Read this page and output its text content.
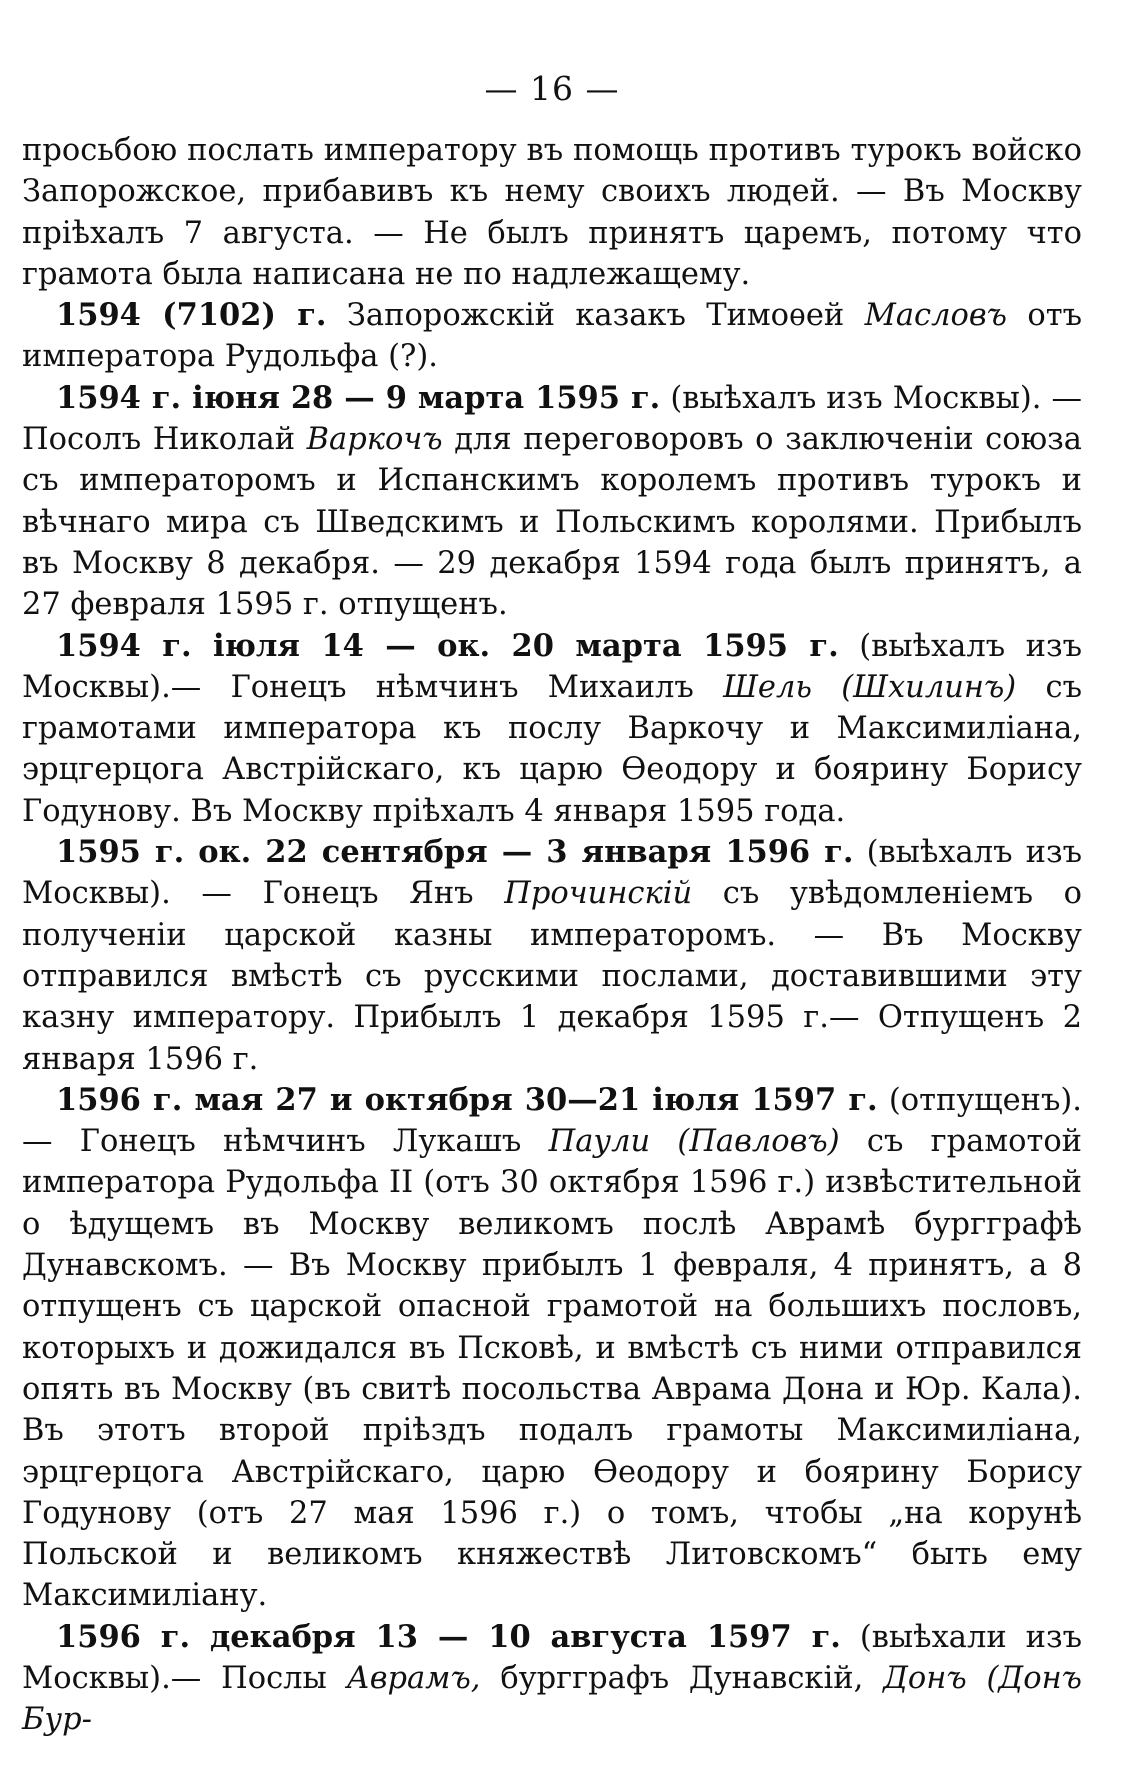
— 16 —

просьбою послать императору въ помощь противъ турокъ войско Запорожское, прибавивъ къ нему своихъ людей. — Въ Москву пріѣхалъ 7 августа. — Не былъ принятъ царемъ, потому что грамота была написана не по надлежащему.

1594 (7102) г. Запорожскій казакъ Тимоѳей Масловъ отъ императора Рудольфа (?).

1594 г. іюня 28 — 9 марта 1595 г. (выѣхалъ изъ Москвы). — Посолъ Николай Варкочъ для переговоровъ о заключеніи союза съ императоромъ и Испанскимъ королемъ противъ турокъ и вѣчнаго мира съ Шведскимъ и Польскимъ королями. Прибылъ въ Москву 8 декабря. — 29 декабря 1594 года былъ принятъ, а 27 февраля 1595 г. отпущенъ.

1594 г. іюля 14 — ок. 20 марта 1595 г. (выѣхалъ изъ Москвы).— Гонецъ нѣмчинъ Михаилъ Шель (Шхилинъ) съ грамотами императора къ послу Варкочу и Максимиліана, эрцгерцога Австрійскаго, къ царю Ѳеодору и боярину Борису Годунову. Въ Москву пріѣхалъ 4 января 1595 года.

1595 г. ок. 22 сентября — 3 января 1596 г. (выѣхалъ изъ Москвы). — Гонецъ Янъ Прочинскій съ увѣдомленіемъ о полученіи царской казны императоромъ. — Въ Москву отправился вмѣстѣ съ русскими послами, доставившими эту казну императору. Прибылъ 1 декабря 1595 г.— Отпущенъ 2 января 1596 г.

1596 г. мая 27 и октября 30—21 іюля 1597 г. (отпущенъ).— Гонецъ нѣмчинъ Лукашъ Паули (Павловъ) съ грамотой императора Рудольфа II (отъ 30 октября 1596 г.) извѣстительной о ѣдущемъ въ Москву великомъ послѣ Аврамѣ бургграфѣ Дунавскомъ. — Въ Москву прибылъ 1 февраля, 4 принятъ, а 8 отпущенъ съ царской опасной грамотой на большихъ пословъ, которыхъ и дожидался въ Псковѣ, и вмѣстѣ съ ними отправился опять въ Москву (въ свитѣ посольства Аврама Дона и Юр. Кала). Въ этотъ второй пріѣздъ подалъ грамоты Максимиліана, эрцгерцога Австрійскаго, царю Ѳеодору и боярину Борису Годунову (отъ 27 мая 1596 г.) о томъ, чтобы „на корунѣ Польской и великомъ княжествѣ Литовскомъ“ быть ему Максимиліану.

1596 г. декабря 13 — 10 августа 1597 г. (выѣхали изъ Москвы).— Послы Аврамъ, бургграфъ Дунавскій, Донъ (Донъ Бур-
